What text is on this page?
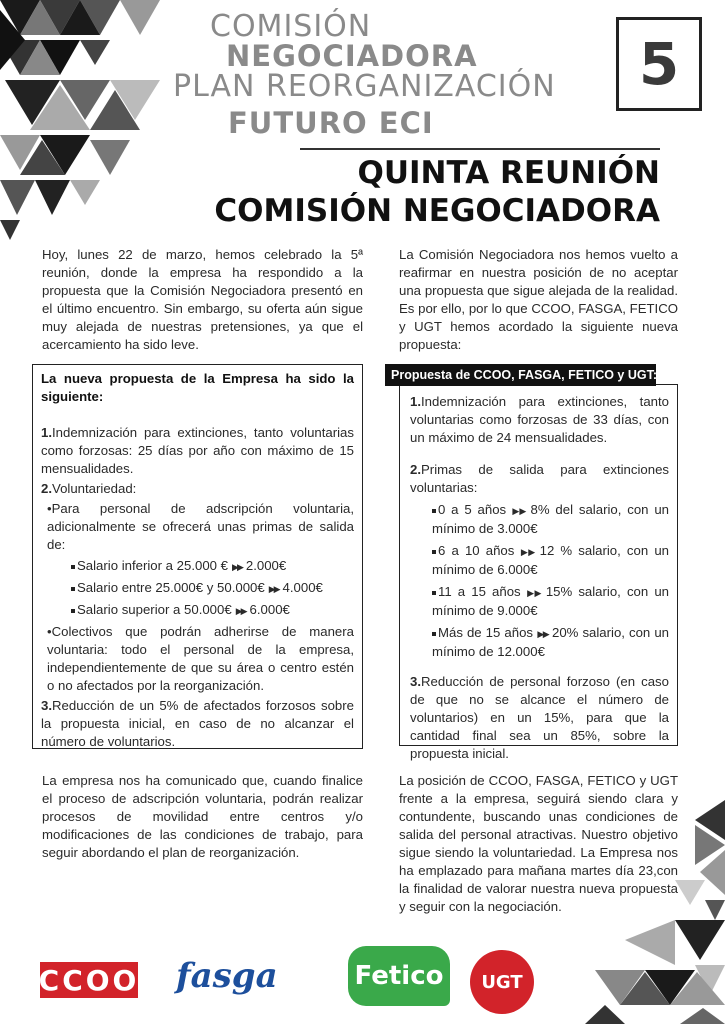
COMISIÓN
NEGOCIADORA
PLAN REORGANIZACIÓN
FUTURO ECI
5
QUINTA REUNIÓN
COMISIÓN NEGOCIADORA
Hoy, lunes 22 de marzo, hemos celebrado la 5ª reunión, donde la empresa ha respondido a la propuesta que la Comisión Negociadora presentó en el último encuentro. Sin embargo, su oferta aún sigue muy alejada de nuestras pretensiones, ya que el acercamiento ha sido leve.
La Comisión Negociadora nos hemos vuelto a reafirmar en nuestra posición de no aceptar una propuesta que sigue alejada de la realidad. Es por ello, por lo que CCOO, FASGA, FETICO y UGT hemos acordado la siguiente nueva propuesta:
La nueva propuesta de la Empresa ha sido la siguiente:
1.Indemnización para extinciones, tanto voluntarias como forzosas: 25 días por año con máximo de 15 mensualidades.
2.Voluntariedad:
•Para personal de adscripción voluntaria, adicionalmente se ofrecerá unas primas de salida de:
Salario inferior a 25.000 € ▶▶ 2.000€
Salario entre 25.000€ y 50.000€ ▶▶ 4.000€
Salario superior a 50.000€ ▶▶ 6.000€
•Colectivos que podrán adherirse de manera voluntaria: todo el personal de la empresa, independientemente de que su área o centro estén o no afectados por la reorganización.
3.Reducción de un 5% de afectados forzosos sobre la propuesta inicial, en caso de no alcanzar el número de voluntarios.
1.Indemnización para extinciones, tanto voluntarias como forzosas de 33 días, con un máximo de 24 mensualidades.
2.Primas de salida para extinciones voluntarias:
0 a 5 años ▶▶ 8% del salario, con un mínimo de 3.000€
6 a 10 años ▶▶ 12 % salario, con un mínimo de 6.000€
11 a 15 años ▶▶ 15% salario, con un mínimo de 9.000€
Más de 15 años ▶▶ 20% salario, con un mínimo de 12.000€
3.Reducción de personal forzoso (en caso de que no se alcance el número de voluntarios) en un 15%, para que la cantidad final sea un 85%, sobre la propuesta inicial.
Propuesta de CCOO, FASGA, FETICO y UGT:
La empresa nos ha comunicado que, cuando finalice el proceso de adscripción voluntaria, podrán realizar procesos de movilidad entre centros y/o modificaciones de las condiciones de trabajo, para seguir abordando el plan de reorganización.
La posición de CCOO, FASGA, FETICO y UGT frente a la empresa, seguirá siendo clara y contundente, buscando unas condiciones de salida del personal atractivas. Nuestro objetivo sigue siendo la voluntariedad. La Empresa nos ha emplazado para mañana martes día 23,con la finalidad de valorar nuestra nueva propuesta y seguir con la negociación.
CCOO fasga	Fetico UGT
